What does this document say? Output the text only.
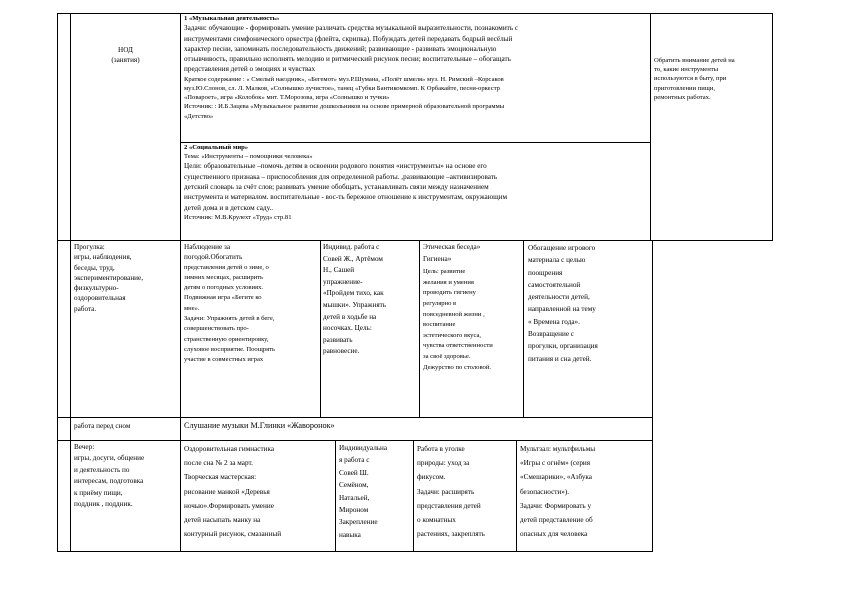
НОД

(занятия)

1 «Музыкальная деятельность»

Задачи: обучающие - формировать умение различать средства музыкальной выразительности, познакомить с

инструментами симфонического оркестра (флейта, скрипка). Побуждать детей передавать бодрый весёлый

характер песни, запоминать последовательность движений; развивающие - развивать эмоциональную

отзывчивость, правильно исполнять мелодию и ритмический рисунок песни; воспитательные – обогащать

представления детей о эмоциях и чувствах

Краткое содержание : « Смелый наездник», «Бегемот» муз.Р.Шумана, «Полёт шмеля» муз. Н. Римский –Корсаков

муз.Ю.Слонов, сл. Л. Малков, «Солнышко лучистое», танец «Губки Бантикомкомп. К Орбакайте, песня-оркестр

«Повароет», игра «Колобок» мнт. Т.Морозова, игра «Солнышко и тучки»

Источник: : И.Б.Зацева «Музыкальное развитие дошкольников на основе примерной образовательной программы

«Детство»

2 «Социальный мир»

Тема: «Инструменты – помощники человека»

Цели: образовательные –помочь детям в освоении родового понятия «инструменты» на основе его

существенного признака – приспособления для определенной работы. ,развивающие –активизировать

детский словарь за счёт слов; развивать умение обобщать, устанавливать связи между назначением

инструмента и материалом. воспитательные - вос-ть бережное отношение к инструментам, окружающим

детей дома и в детском саду..

Источник: М.В.Крулехт «Труд» стр.81

Обратить внимание детей на

то, какие инструменты

используются в быту, при

приготовлении пищи,

ремонтных работах.

Прогулка:

игры, наблюдения,

беседы, труд,

экспериментирование,

физкультурно-

оздоровительная

работа.

Наблюдение за

погодой.Обогатить

представления детей о зиме, о

зимних месяцах, расширить

детям о погодных условиях.

Подвижная игра «Бегите ко

мне».

Задачи: Упражнять детей в беге,

совершенствовать про-

странственную ориентировку,

слуховое восприятие. Поощрять

участие в совместных играх

Индивид. работа с

Совей Ж., Артёмом

Н., Сашей

упражнение-

«Пройдем тихо, как

мышки». Упражнять

детей в ходьбе на

носочках. Цель:

развивать

равновесие.

Этическая беседа»

Гигиена»

Цель: развитие

желания и умения

проводить гигиену

регулярно в

повседневной жизни ,

воспитание

эстетического вкуса,

чувства ответственности

за своё здоровье.

Дежурство по столовой.

Обогащение игрового

материала с целью

поощрения

самостоятельной

деятельности детей,

направленной на тему

« Времена года».

Возвращение с

прогулки, организация

питания и сна детей.

работа перед сном	Слушание музыки М.Глинки «Жаворонок»

Вечер:

игры, досуги, общение

и деятельность по

интересам, подготовка

к приёму пищи,

поддник , поддник.

Оздоровительная гимнастика

после сна № 2 за март.

Творческая мастерская:

рисование манкой «Деревья

ночью».Формировать умение

детей насыпать манку на

контурный рисунок, смазанный

Индивидуальна

я работа с

Совей Ш.

Семёном,

Натальей,

Мироном

Закрепление

навыка

Работа в уголке

природы: уход за

фикусом.

Задачи: расширять

представления детей

о комнатных

растениях, закреплять

Мультзал: мультфильмы

«Игры с огнём» (серия

«Смешарики», «Азбука

безопасности»).

Задачи: Формировать у

детей представление об

опасных для человека
